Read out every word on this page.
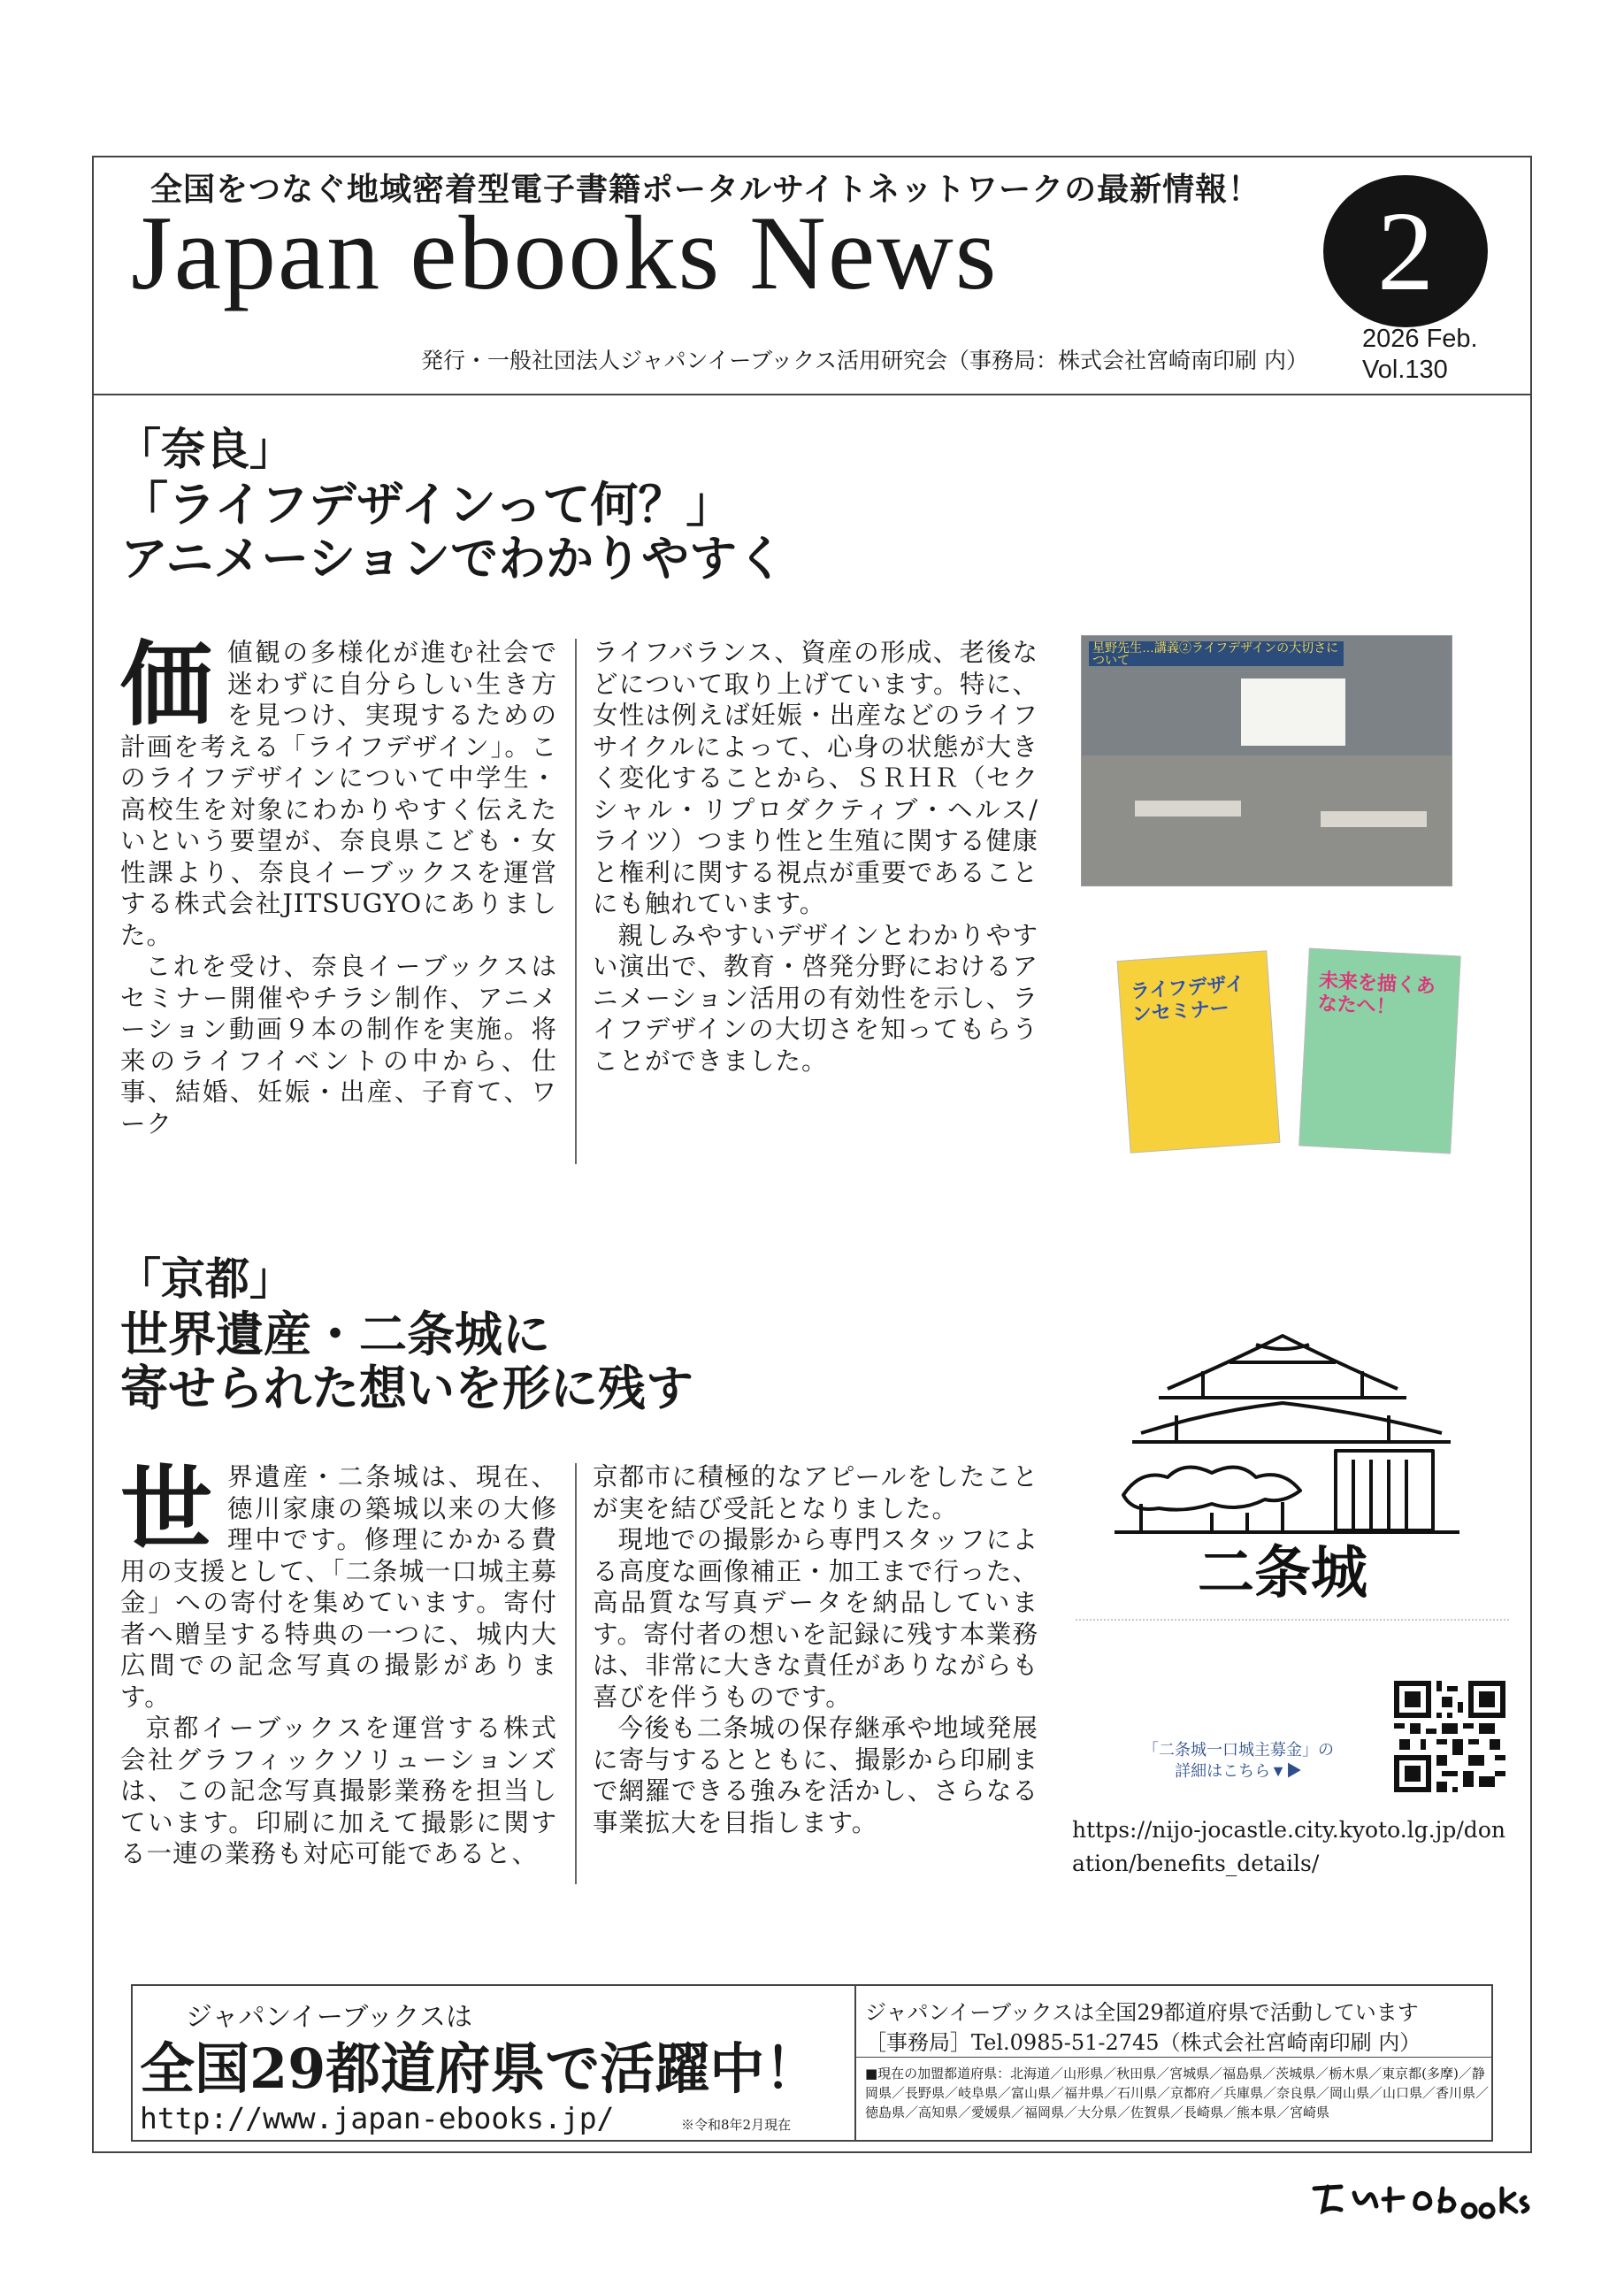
全国をつなぐ地域密着型電子書籍ポータルサイトネットワークの最新情報！
Japan ebooks News	2
2026 Feb.
Vol.130
発行・一般社団法人ジャパンイーブックス活用研究会（事務局：株式会社宮崎南印刷 内）
「奈良」
「ライフデザインって何？」
アニメーションでわかりやすく

価値観の多様化が進む社会で迷わずに自分らしい生き方を見つけ、実現するための計画を考える「ライフデザイン」。このライフデザインについて中学生・高校生を対象にわかりやすく伝えたいという要望が、奈良県こども・女性課より、奈良イーブックスを運営する株式会社JITSUGYOにありました。

これを受け、奈良イーブックスはセミナー開催やチラシ制作、アニメーション動画９本の制作を実施。将来のライフイベントの中から、仕事、結婚、妊娠・出産、子育て、ワーク

ライフバランス、資産の形成、老後などについて取り上げています。特に、女性は例えば妊娠・出産などのライフサイクルによって、心身の状態が大きく変化することから、ＳＲＨＲ（セクシャル・リプロダクティブ・ヘルス/ライツ）つまり性と生殖に関する健康と権利に関する視点が重要であることにも触れています。

親しみやすいデザインとわかりやすい演出で、教育・啓発分野におけるアニメーション活用の有効性を示し、ライフデザインの大切さを知ってもらうことができました。

星野先生…講義②ライフデザインの大切さについて
ライフデザインセミナー
未来を描くあなたへ！
「京都」
世界遺産・二条城に
寄せられた想いを形に残す

世界遺産・二条城は、現在、徳川家康の築城以来の大修理中です。修理にかかる費用の支援として、「二条城一口城主募金」への寄付を集めています。寄付者へ贈呈する特典の一つに、城内大広間での記念写真の撮影があります。

京都イーブックスを運営する株式会社グラフィックソリューションズは、この記念写真撮影業務を担当しています。印刷に加えて撮影に関する一連の業務も対応可能であると、

京都市に積極的なアピールをしたことが実を結び受託となりました。

現地での撮影から専門スタッフによる高度な画像補正・加工まで行った、高品質な写真データを納品しています。寄付者の想いを記録に残す本業務は、非常に大きな責任がありながらも喜びを伴うものです。

今後も二条城の保存継承や地域発展に寄与するとともに、撮影から印刷まで網羅できる強みを活かし、さらなる事業拡大を目指します。

二条城
「二条城一口城主募金」の
詳細はこちら▼▶
https://nijo-jocastle.city.kyoto.lg.jp/donation/benefits_details/
ジャパンイーブックスは
全国29都道府県で活躍中！
http://www.japan-ebooks.jp/	※令和8年2月現在
ジャパンイーブックスは全国29都道府県で活動しています
［事務局］Tel.0985-51-2745（株式会社宮崎南印刷 内）
■現在の加盟都道府県：北海道／山形県／秋田県／宮城県／福島県／茨城県／栃木県／東京都(多摩)／静岡県／長野県／岐阜県／富山県／福井県／石川県／京都府／兵庫県／奈良県／岡山県／山口県／香川県／徳島県／高知県／愛媛県／福岡県／大分県／佐賀県／長崎県／熊本県／宮崎県
